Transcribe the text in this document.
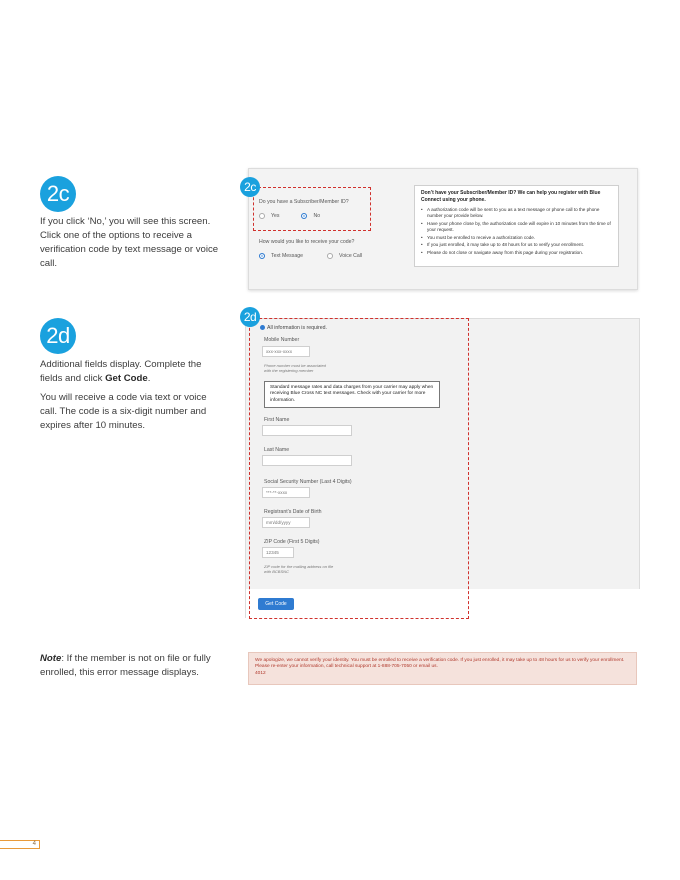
2c

If you click ‘No,’ you will see this screen. Click one of the options to receive a verification code by text message or voice call.

Do you have a Subscriber/Member ID?
Yes	No
How would you like to receive your code?
Text Message	Voice Call
Don’t have your Subscriber/Member ID? We can help you register with Blue Connect using your phone.
• A authorization code will be sent to you as a text message or phone call to the phone number your provide below.
• Have your phone close by, the authorization code will expire in 10 minutes from the time of your request.
• You must be enrolled to receive a authorization code.
• If you just enrolled, it may take up to 48 hours for us to verify your enrollment.
• Please do not close or navigate away from this page during your registration.
2c
2d

Additional fields display. Complete the fields and click Get Code.

You will receive a code via text or voice call. The code is a six-digit number and expires after 10 minutes.

All information is required.
Mobile Number
xxx-xxx-xxxx
Phone number must be associated with the registering member
Standard message rates and data charges from your carrier may apply when receiving Blue Cross NC text messages. Check with your carrier for more information.
First Name
Last Name
Social Security Number (Last 4 Digits)
***-**-xxxx
Registrant’s Date of Birth
mm/dd/yyyy
ZIP Code (First 5 Digits)
12345
ZIP code for the mailing address on file with BCBSNC
Get Code
2d

Note: If the member is not on file or fully enrolled, this error message displays.

We apologize, we cannot verify your identity. You must be enrolled to receive a verification code. If you just enrolled, it may take up to 48 hours for us to verify your enrollment. Please re-enter your information, call technical support at 1-888-705-7050 or email us.
4012
4
